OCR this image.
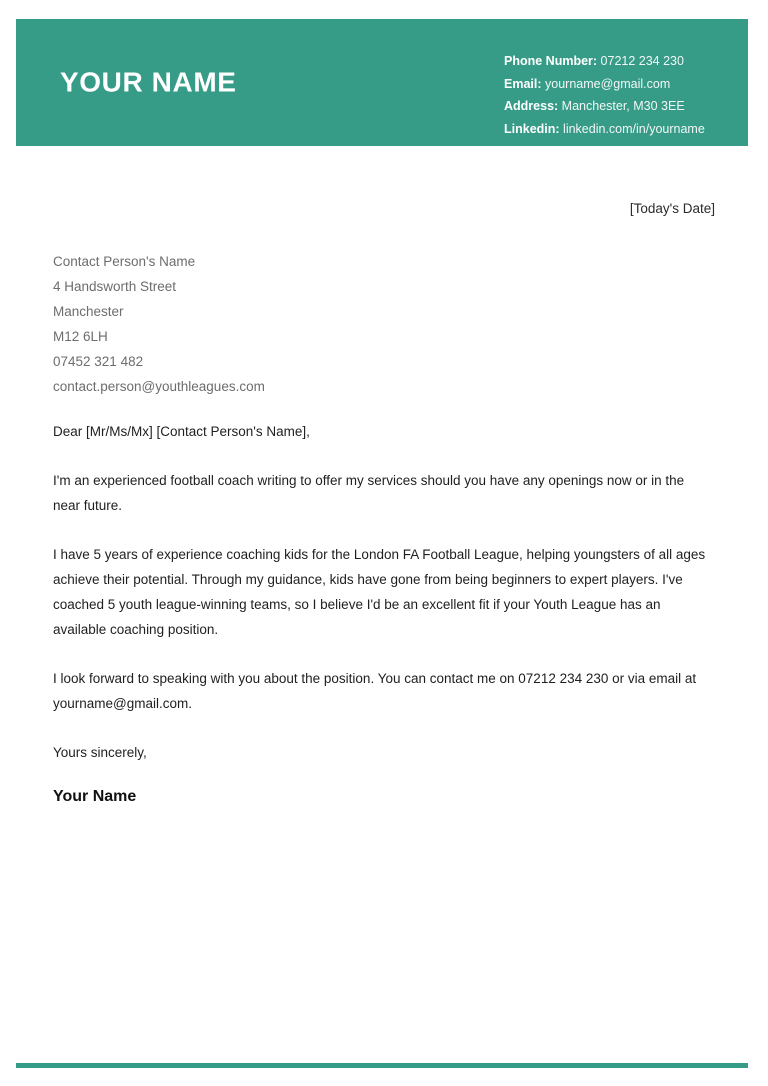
YOUR NAME
Phone Number: 07212 234 230
Email: yourname@gmail.com
Address: Manchester, M30 3EE
Linkedin: linkedin.com/in/yourname
[Today's Date]
Contact Person's Name
4 Handsworth Street
Manchester
M12 6LH
07452 321 482
contact.person@youthleagues.com

Dear [Mr/Ms/Mx] [Contact Person's Name],

I'm an experienced football coach writing to offer my services should you have any openings now or in the near future.

I have 5 years of experience coaching kids for the London FA Football League, helping youngsters of all ages achieve their potential. Through my guidance, kids have gone from being beginners to expert players. I've coached 5 youth league-winning teams, so I believe I'd be an excellent fit if your Youth League has an available coaching position.

I look forward to speaking with you about the position. You can contact me on 07212 234 230 or via email at yourname@gmail.com.

Yours sincerely,

Your Name
